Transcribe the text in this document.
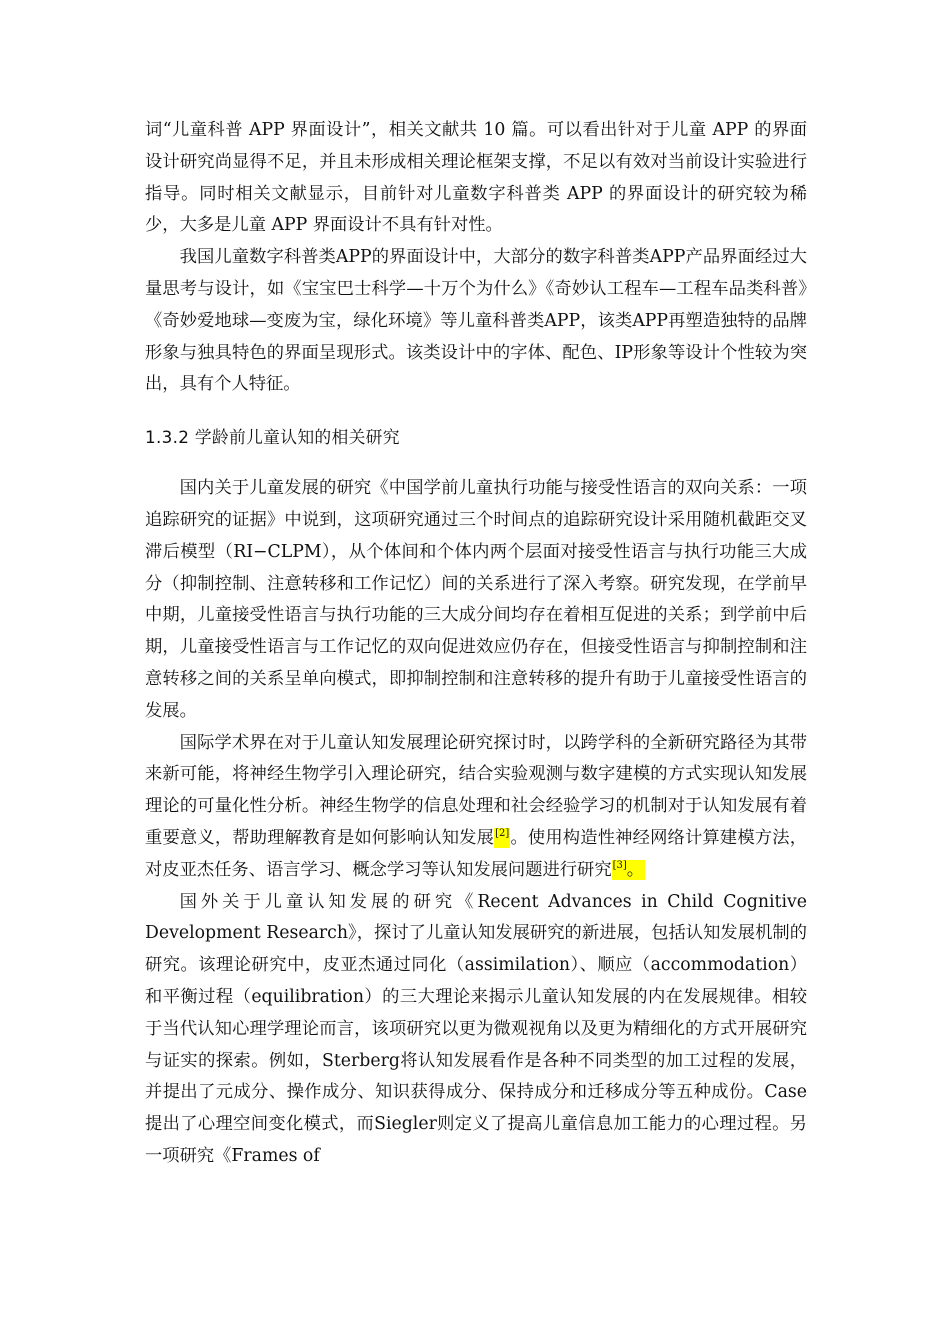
词“儿童科普 APP 界面设计”，相关文献共 10 篇。可以看出针对于儿童 APP 的界面设计研究尚显得不足，并且未形成相关理论框架支撑，不足以有效对当前设计实验进行指导。同时相关文献显示，目前针对儿童数字科普类 APP 的界面设计的研究较为稀少，大多是儿童 APP 界面设计不具有针对性。

我国儿童数字科普类APP的界面设计中，大部分的数字科普类APP产品界面经过大量思考与设计，如《宝宝巴士科学—十万个为什么》《奇妙认工程车—工程车品类科普》《奇妙爱地球—变废为宝，绿化环境》等儿童科普类APP，该类APP再塑造独特的品牌形象与独具特色的界面呈现形式。该类设计中的字体、配色、IP形象等设计个性较为突出，具有个人特征。

1.3.2 学龄前儿童认知的相关研究

国内关于儿童发展的研究《中国学前儿童执行功能与接受性语言的双向关系：一项追踪研究的证据》中说到，这项研究通过三个时间点的追踪研究设计采用随机截距交叉滞后模型（RI−CLPM），从个体间和个体内两个层面对接受性语言与执行功能三大成分（抑制控制、注意转移和工作记忆）间的关系进行了深入考察。研究发现，在学前早中期，儿童接受性语言与执行功能的三大成分间均存在着相互促进的关系；到学前中后期，儿童接受性语言与工作记忆的双向促进效应仍存在，但接受性语言与抑制控制和注意转移之间的关系呈单向模式，即抑制控制和注意转移的提升有助于儿童接受性语言的发展。

国际学术界在对于儿童认知发展理论研究探讨时，以跨学科的全新研究路径为其带来新可能，将神经生物学引入理论研究，结合实验观测与数字建模的方式实现认知发展理论的可量化性分析。神经生物学的信息处理和社会经验学习的机制对于认知发展有着重要意义，帮助理解教育是如何影响认知发展[2]。使用构造性神经网络计算建模方法，对皮亚杰任务、语言学习、概念学习等认知发展问题进行研究[3]。

国外关于儿童认知发展的研究《Recent Advances in Child Cognitive Development Research》，探讨了儿童认知发展研究的新进展，包括认知发展机制的研究。该理论研究中，皮亚杰通过同化（assimilation）、顺应（accommodation）和平衡过程（equilibration）的三大理论来揭示儿童认知发展的内在发展规律。相较于当代认知心理学理论而言，该项研究以更为微观视角以及更为精细化的方式开展研究与证实的探索。例如，Sterberg将认知发展看作是各种不同类型的加工过程的发展，并提出了元成分、操作成分、知识获得成分、保持成分和迁移成分等五种成份。Case提出了心理空间变化模式，而Siegler则定义了提高儿童信息加工能力的心理过程。另一项研究《Frames of
